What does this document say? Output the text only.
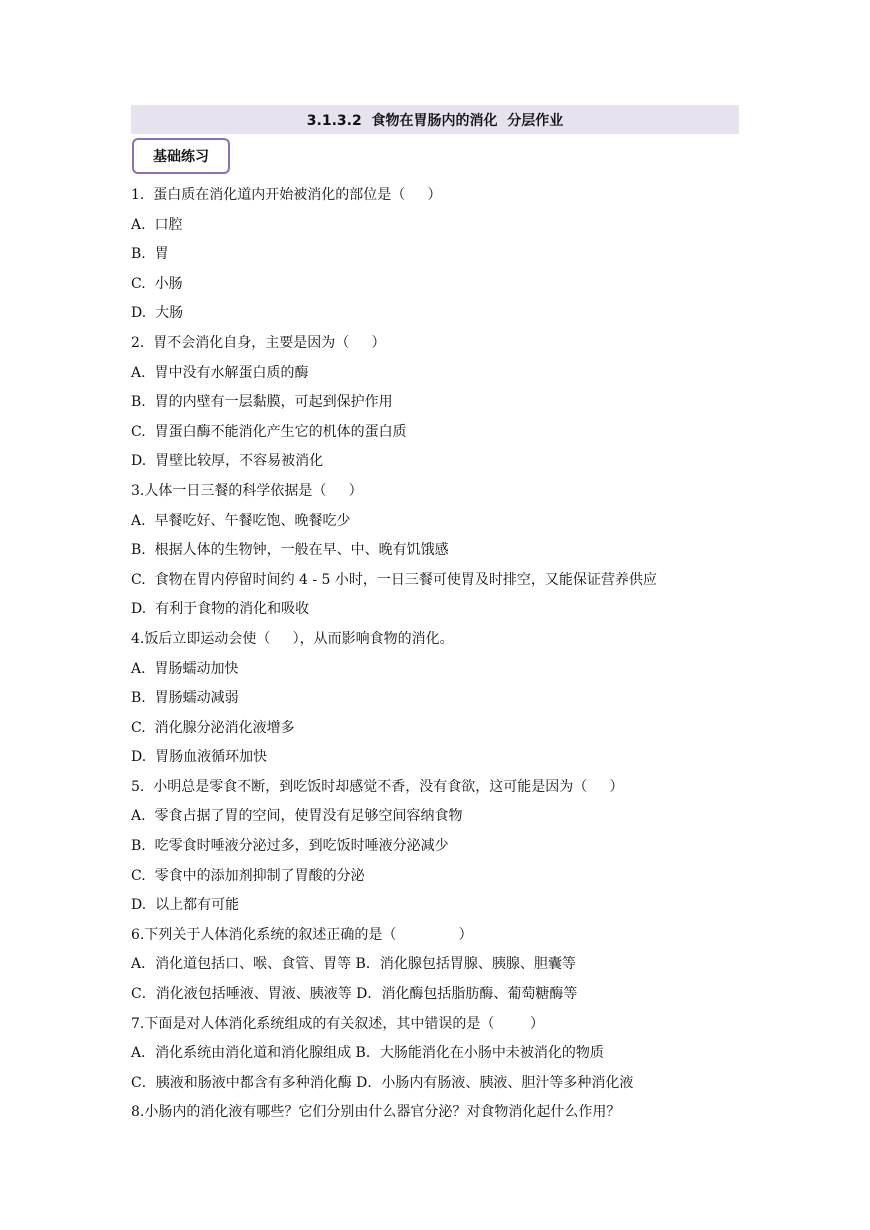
3.1.3.2  食物在胃肠内的消化  分层作业
基础练习
1.  蛋白质在消化道内开始被消化的部位是（     ）
A.  口腔
B.  胃
C.  小肠
D.  大肠
2.  胃不会消化自身，主要是因为（     ）
A.  胃中没有水解蛋白质的酶
B.  胃的内壁有一层黏膜，可起到保护作用
C.  胃蛋白酶不能消化产生它的机体的蛋白质
D.  胃壁比较厚，不容易被消化
3.人体一日三餐的科学依据是（     ）
A.  早餐吃好、午餐吃饱、晚餐吃少
B.  根据人体的生物钟，一般在早、中、晚有饥饿感
C.  食物在胃内停留时间约 4 - 5 小时，一日三餐可使胃及时排空，又能保证营养供应
D.  有利于食物的消化和吸收
4.饭后立即运动会使（     ），从而影响食物的消化。
A.  胃肠蠕动加快
B.  胃肠蠕动减弱
C.  消化腺分泌消化液增多
D.  胃肠血液循环加快
5.  小明总是零食不断，到吃饭时却感觉不香，没有食欲，这可能是因为（     ）
A.  零食占据了胃的空间，使胃没有足够空间容纳食物
B.  吃零食时唾液分泌过多，到吃饭时唾液分泌减少
C.  零食中的添加剂抑制了胃酸的分泌
D.  以上都有可能
6.下列关于人体消化系统的叙述正确的是（              ）
A．消化道包括口、喉、食管、胃等 B．消化腺包括胃腺、胰腺、胆囊等
C．消化液包括唾液、胃液、胰液等 D．消化酶包括脂肪酶、葡萄糖酶等
7.下面是对人体消化系统组成的有关叙述，其中错误的是（        ）
A．消化系统由消化道和消化腺组成 B．大肠能消化在小肠中未被消化的物质
C．胰液和肠液中都含有多种消化酶 D．小肠内有肠液、胰液、胆汁等多种消化液
8.小肠内的消化液有哪些？它们分别由什么器官分泌？对食物消化起什么作用？
